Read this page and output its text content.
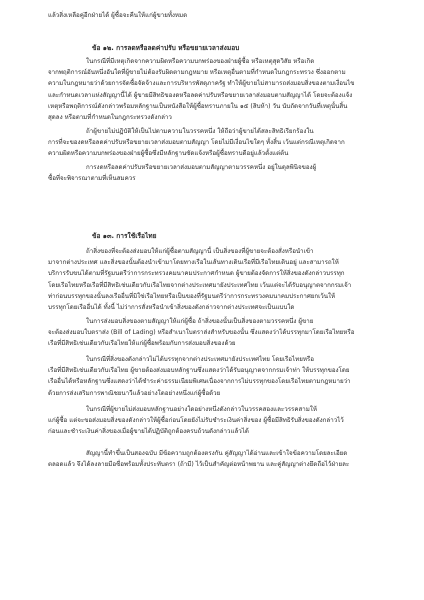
แล้วสิ่งเหลือคู่อีกฝ่ายได้ ผู้ซื้อจะคืนให้แก่ผู้ขายทั้งหมด
ข้อ ๑๒. การลดหรือลดค่าปรับ หรือขยายเวลาส่งมอบ
ในกรณีที่มีเหตุเกิดจากความผิดหรือความบกพร่องของฝ่ายผู้ซื้อ หรือเหตุสุดวิสัย หรือเกิด
จากพฤติการณ์อันหนึ่งอันใดที่ผู้ขายไม่ต้องรับผิดตามกฎหมาย หรือเหตุอื่นตามที่กำหนดในกฎกระทรวง ซึ่งออกตาม
ความในกฎหมายว่าด้วยการจัดซื้อจัดจ้างและการบริหารพัสดุภาครัฐ ทำให้ผู้ขายไม่สามารถส่งมอบสิ่งของตามเงื่อนไข
และกำหนดเวลาแห่งสัญญานี้ได้ ผู้ขายมีสิทธิของดหรือลดค่าปรับหรือขยายเวลาส่งมอบตามสัญญาได้ โดยจะต้องแจ้ง
เหตุหรือพฤติการณ์ดังกล่าวพร้อมหลักฐานเป็นหนังสือให้ผู้ซื้อทราบภายใน ๑๕ (สิบห้า) วัน นับถัดจากวันที่เหตุนั้นสิ้น
สุดลง หรือตามที่กำหนดในกฎกระทรวงดังกล่าว
ถ้าผู้ขายไม่ปฏิบัติให้เป็นไปตามความในวรรคหนึ่ง ให้ถือว่าผู้ขายได้สละสิทธิเรียกร้องใน
การที่จะของดหรือลดค่าปรับหรือขยายเวลาส่งมอบตามสัญญา โดยไม่มีเงื่อนไขใดๆ ทั้งสิ้น เว้นแต่กรณีเหตุเกิดจาก
ความผิดหรือความบกพร่องของฝ่ายผู้ซื้อซึ่งมีหลักฐานชัดแจ้งหรือผู้ซื้อทราบดีอยู่แล้วตั้งแต่ต้น
การงดหรือลดค่าปรับหรือขยายเวลาส่งมอบตามสัญญาตามวรรคหนึ่ง อยู่ในดุลพินิจของผู้
ซื้อที่จะพิจารณาตามที่เห็นสมควร
ข้อ ๑๓. การใช้เรือไทย
ถ้าสิ่งของที่จะต้องส่งมอบให้แก่ผู้ซื้อตามสัญญานี้ เป็นสิ่งของที่ผู้ขายจะต้องสั่งหรือนำเข้า
มาจากต่างประเทศ และสิ่งของนั้นต้องนำเข้ามาโดยทางเรือในเส้นทางเดินเรือที่มีเรือไทยเดินอยู่ และสามารถให้
บริการรับขนได้ตามที่รัฐมนตรีว่าการกระทรวงคมนาคมประกาศกำหนด ผู้ขายต้องจัดการให้สิ่งของดังกล่าวบรรทุก
โดยเรือไทยหรือเรือที่มีสิทธิเช่นเดียวกับเรือไทยจากต่างประเทศมายังประเทศไทย เว้นแต่จะได้รับอนุญาตจากกรมเจ้า
ท่าก่อนบรรทุกของนั้นลงเรืออื่นที่มิใช่เรือไทยหรือเป็นของที่รัฐมนตรีว่าการกระทรวงคมนาคมประกาศยกเว้นให้
บรรทุกโดยเรืออื่นได้ ทั้งนี้ ไม่ว่าการสั่งหรือนำเข้าสิ่งของดังกล่าวจากต่างประเทศจะเป็นแบบใด
ในการส่งมอบสิ่งของตามสัญญาให้แก่ผู้ซื้อ ถ้าสิ่งของนั้นเป็นสิ่งของตามวรรคหนึ่ง ผู้ขาย
จะต้องส่งมอบใบตราส่ง (Bill of Lading) หรือสำเนาใบตราส่งสำหรับของนั้น ซึ่งแสดงว่าได้บรรทุกมาโดยเรือไทยหรือ
เรือที่มีสิทธิเช่นเดียวกับเรือไทยให้แก่ผู้ซื้อพร้อมกับการส่งมอบสิ่งของด้วย
ในกรณีที่สิ่งของดังกล่าวไม่ได้บรรทุกจากต่างประเทศมายังประเทศไทย โดยเรือไทยหรือ
เรือที่มีสิทธิเช่นเดียวกับเรือไทย ผู้ขายต้องส่งมอบหลักฐานซึ่งแสดงว่าได้รับอนุญาตจากกรมเจ้าท่า ให้บรรทุกของโดย
เรืออื่นได้หรือหลักฐานซึ่งแสดงว่าได้ชำระค่าธรรมเนียมพิเศษเนื่องจากการไม่บรรทุกของโดยเรือไทยตามกฎหมายว่า
ด้วยการส่งเสริมการพาณิชยนาวีแล้วอย่างใดอย่างหนึ่งแก่ผู้ซื้อด้วย
ในกรณีที่ผู้ขายไม่ส่งมอบหลักฐานอย่างใดอย่างหนึ่งดังกล่าวในวรรคสองและวรรคสามให้
แก่ผู้ซื้อ แต่จะขอส่งมอบสิ่งของดังกล่าวให้ผู้ซื้อก่อนโดยยังไม่รับชำระเงินค่าสิ่งของ ผู้ซื้อมีสิทธิรับสิ่งของดังกล่าวไว้
ก่อนและชำระเงินค่าสิ่งของเมื่อผู้ขายได้ปฏิบัติถูกต้องครบถ้วนดังกล่าวแล้วได้
สัญญานี้ทำขึ้นเป็นสองฉบับ มีข้อความถูกต้องตรงกัน คู่สัญญาได้อ่านและเข้าใจข้อความโดยละเอียด
ตลอดแล้ว จึงได้ลงลายมือชื่อพร้อมทั้งประทับตรา (ถ้ามี) ไว้เป็นสำคัญต่อหน้าพยาน และคู่สัญญาต่างยึดถือไว้ฝ่ายละ
